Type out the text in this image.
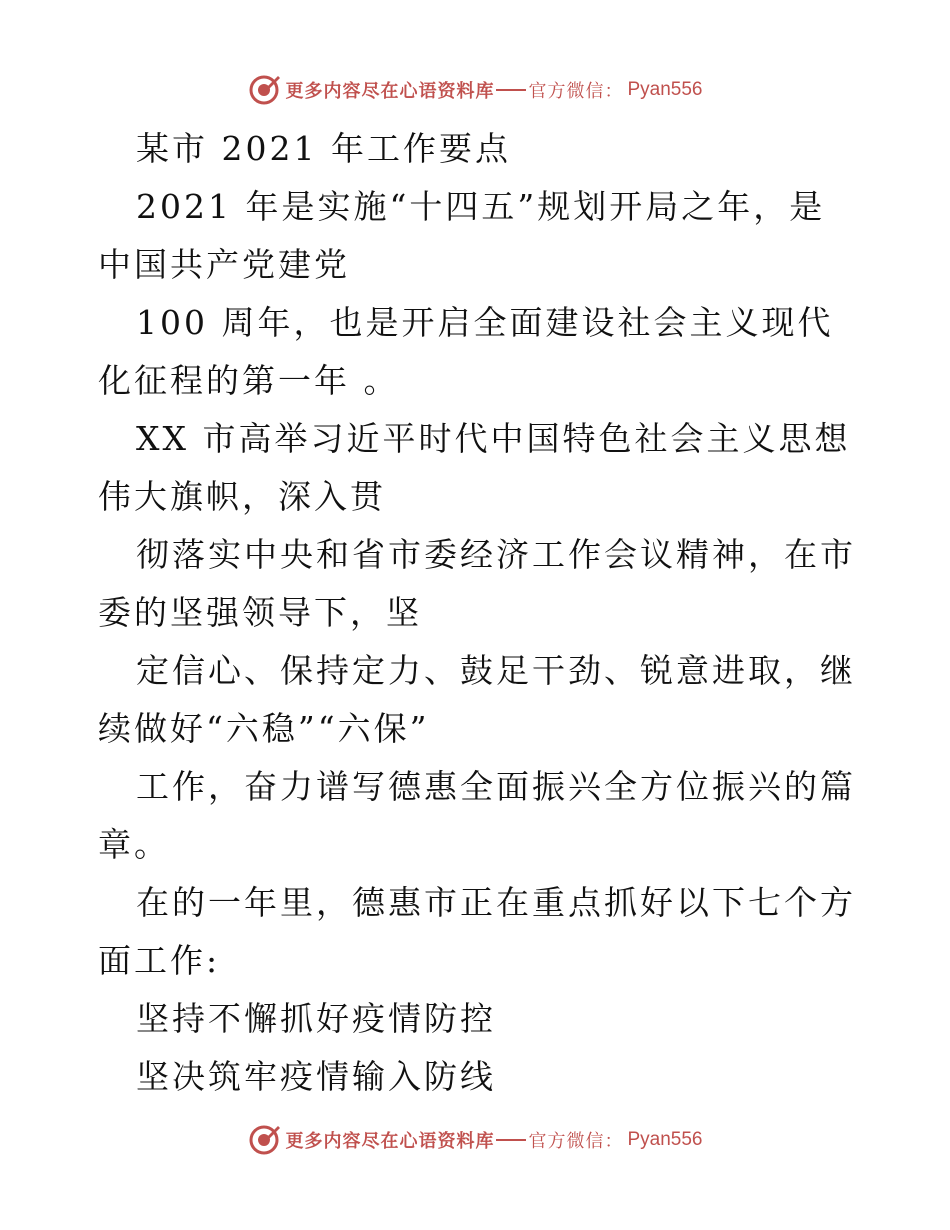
更多内容尽在心语资料库 官方微信： Pyan556

某市 2021 年工作要点

2021 年是实施“十四五”规划开局之年，是中国共产党建党

100 周年，也是开启全面建设社会主义现代化征程的第一年 。

XX 市高举习近平时代中国特色社会主义思想伟大旗帜，深入贯

彻落实中央和省市委经济工作会议精神，在市委的坚强领导下，坚

定信心、保持定力、鼓足干劲、锐意进取，继续做好“六稳”“六保”

工作，奋力谱写德惠全面振兴全方位振兴的篇章。

在的一年里，德惠市正在重点抓好以下七个方面工作:

坚持不懈抓好疫情防控

坚决筑牢疫情输入防线

更多内容尽在心语资料库 官方微信： Pyan556
